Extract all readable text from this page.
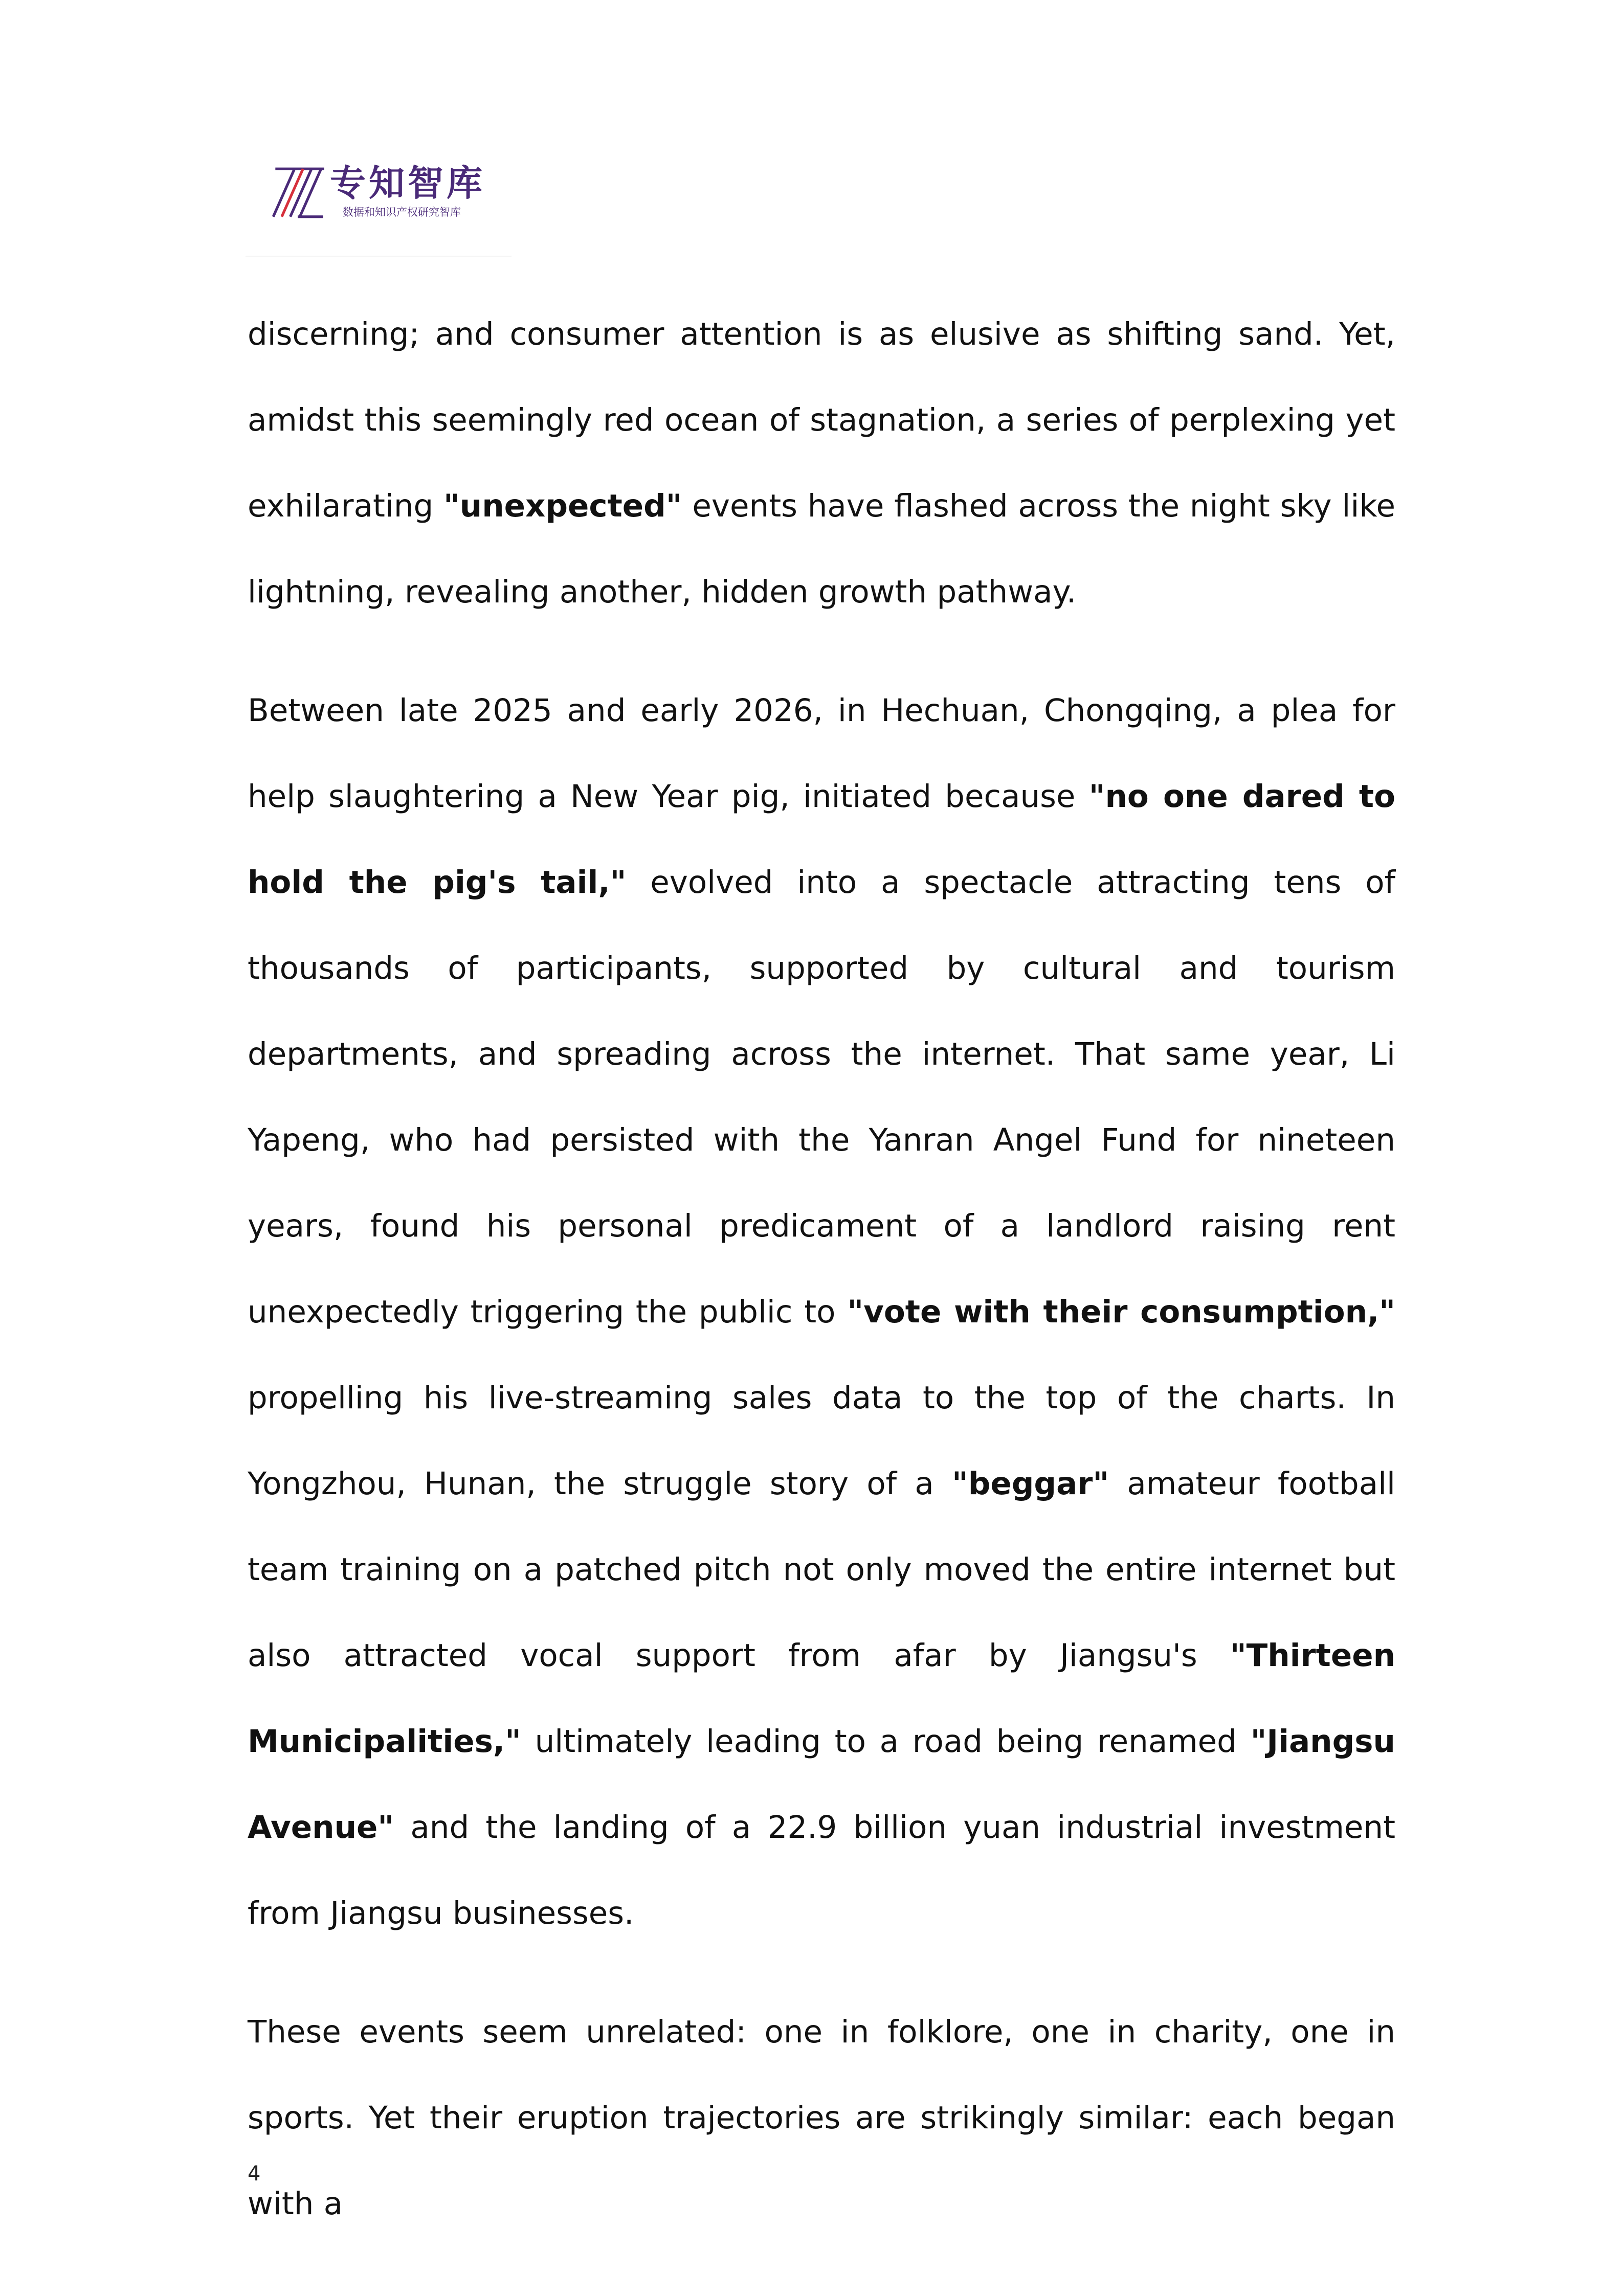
专知智库
数据和知识产权研究智库

discerning; and consumer attention is as elusive as shifting sand. Yet, amidst this seemingly red ocean of stagnation, a series of perplexing yet exhilarating "unexpected" events have flashed across the night sky like lightning, revealing another, hidden growth pathway.

Between late 2025 and early 2026, in Hechuan, Chongqing, a plea for help slaughtering a New Year pig, initiated because "no one dared to hold the pig's tail," evolved into a spectacle attracting tens of thousands of participants, supported by cultural and tourism departments, and spreading across the internet. That same year, Li Yapeng, who had persisted with the Yanran Angel Fund for nineteen years, found his personal predicament of a landlord raising rent unexpectedly triggering the public to "vote with their consumption," propelling his live-streaming sales data to the top of the charts. In Yongzhou, Hunan, the struggle story of a "beggar" amateur football team training on a patched pitch not only moved the entire internet but also attracted vocal support from afar by Jiangsu's "Thirteen Municipalities," ultimately leading to a road being renamed "Jiangsu Avenue" and the landing of a 22.9 billion yuan industrial investment from Jiangsu businesses.

These events seem unrelated: one in folklore, one in charity, one in sports. Yet their eruption trajectories are strikingly similar: each began with a

4
